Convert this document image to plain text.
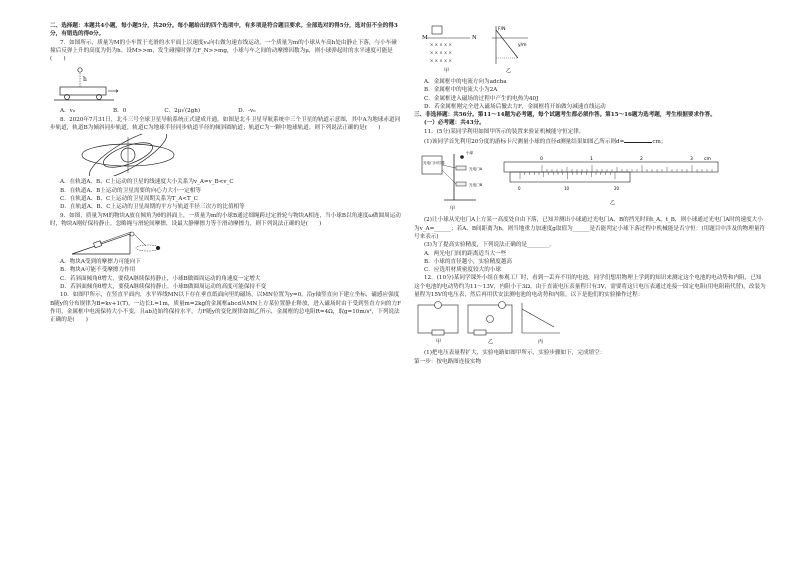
二、选择题：本题共4小题，每小题5分，共20分。每小题给出的四个选项中，有多项是符合题目要求。全部选对的得5分，选对但不全的得3分，有错选的得0分。

7．如图所示，质量为M的小车置于光滑的水平面上以速度v₀向右做匀速直线运动，一个质量为m的小球从车高h处由静止下落，与小车碰撞后反弹上升的高度为仍为h。设M>>m，发生碰撞时弹力F_N>>mg，小球与车之间的动摩擦因数为μ，则小球弹起时的水平速度可能是(　　)

h
A．v₀	B．0	C．2μ√(2gh)	D．-v₀

8．2020年7月31日，北斗三号全球卫星导航系统正式建成开通。如图是北斗卫星导航系统中三个卫星的轨道示意图，其中A为地球赤道同步轨道，轨道B为倾斜同步轨道，轨道C为地球半径同步轨道半径的倾斜圆轨道；轨道C为一颗中地球轨道。则下列说法正确的是(　　)

A．在轨道A、B、C上运动的卫星的线速度大小关系为v_A=v_B<v_C

B．在轨道A、B上运动的卫星需要的向心力大小一定相等

C．在轨道A、B、C上运动的卫星周期关系为T_A<T_C

D．在轨道A、B、C上运动的卫星周期的平方与轨道半径三次方的比值相等

9．如图，质量为M的物块A放在倾角为θ的斜面上，一质量为m的小球B通过细绳跨过定滑轮与物块A相连，当小球B以角速度ω做圆周运动时，物块A刚好保持静止。忽略绳与滑轮间摩擦，设最大静摩擦力等于滑动摩擦力，则下列说法正确的是(　　)

A．物块A受到的摩擦力可能向下

B．物块A可能不受摩擦力作用

C．若斜面倾角θ增大，要使A继续保持静止，小球B做圆周运动的角速度一定增大

D．若斜面倾角θ增大，要使A继续保持静止，小球B做圆周运动的高度可能保持不变

10．如图甲所示，在竖直平面内，水平界线MN以下存在垂直纸面向里的磁场，以MN位置为y=0，沿y轴竖直向下建立坐标，磁感应强度B随y的分布规律为B=kv+1(T)，一边长L=1m，质量m=2kg的金属框abcd从MN上方某位置静止释放，进入磁场时由于受到竖直方向的力F作用，金属框中电流保持大小不变，且ab边始终保持水平，力F随y的变化规律如图乙所示，金属框的总电阻R=4Ω，取g=10m/s²，下列说法正确的是(　　)

M	N
× × × × ×
× × × × ×
× × × × ×
甲
F/N
y/m
乙

A．金属框中的电流方向为adcba

B．金属框中的电流大小为2A

C．金属框进入磁场的过程中产生的电热为40J

D．若金属框刚完全进入磁场后撤去力F，金属框将开始做匀减速直线运动

三、非选择题：共56分。第11～14题为必考题，每个试题考生都必须作答。第15～16题为选考题，考生根据要求作答。

(一）必考题：共43分。

11．(5分)某同学利用如图甲所示的装置来验证机械能守恒定律。

(1)该同学首先利用20分度的游标卡尺测量小球的直径d测量结果如图乙所示则d=	cm；

光电门计时器
小球
光电门A
光电门B
甲
0	1	2	3 cm
0	10	20
乙

(2)让小球从光电门A上方某一高度处自由下落，已知并测出小球通过光电门A、B的挡光时间t_A、t_B，则小球通过光电门A时的速度大小为v_A=______；若A、B间距离为h，则当地重力加速度g取值为______是否能判定小球下落过程中机械能是否守恒：(用题目中涉及的物理量符号来表示)

(3)为了提高实验精度，下列说法正确的是________。

A．两光电门间的距离适当大一些

B．小球的直径越小，实验精度越高

C．应选用材质密度较大的小球

12．(10分)某同学课外小组在参观工厂时，看到一丢弃不用的电池，同学们想用物理上学到的知识来测定这个电池的电动势和内阻，已知这个电池的电动势约为11～13V，内阻小于3Ω。由于直流电压表量程只有3V，需要将这只电压表通过连接一固定电阻(用电阻箱代替)，改装为量程为15V的电压表，然后再用伏安法测电池的电动势和内阻，以下是他们的实验操作过程：

甲	乙	丙

(1)把电压表量程扩大，实验电路如图甲所示，实验步骤如下，完成填空：

第一步：按电路图连接实物
